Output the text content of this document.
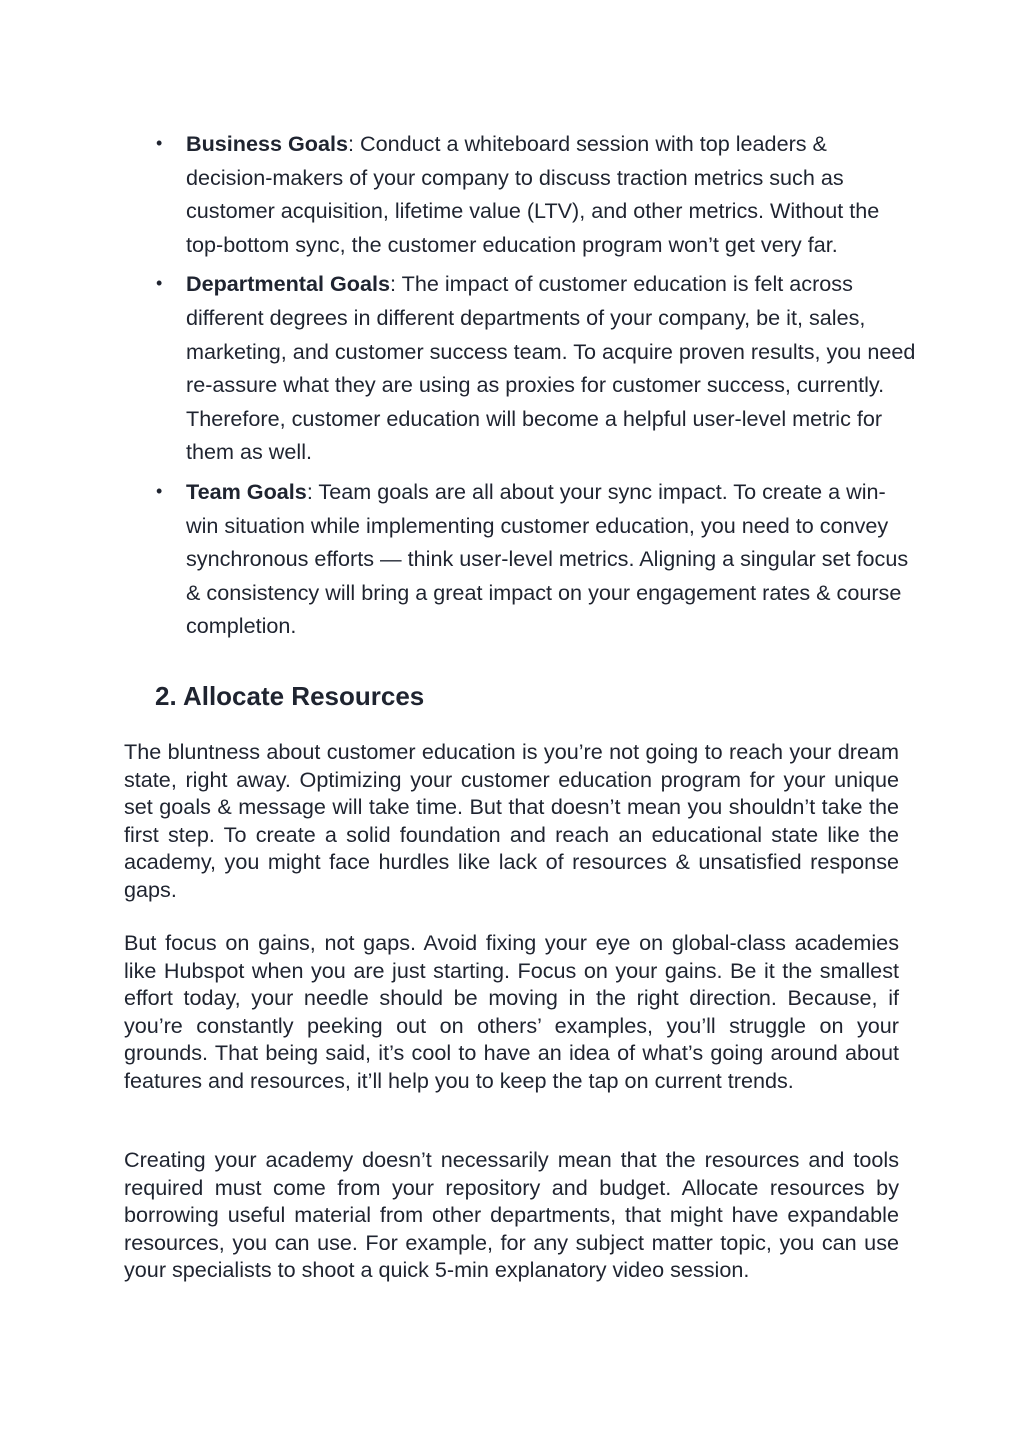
• Business Goals: Conduct a whiteboard session with top leaders & decision-makers of your company to discuss traction metrics such as customer acquisition, lifetime value (LTV), and other metrics. Without the top-bottom sync, the customer education program won’t get very far.
• Departmental Goals: The impact of customer education is felt across different degrees in different departments of your company, be it, sales, marketing, and customer success team. To acquire proven results, you need re-assure what they are using as proxies for customer success, currently. Therefore, customer education will become a helpful user-level metric for them as well.
• Team Goals: Team goals are all about your sync impact. To create a win-win situation while implementing customer education, you need to convey synchronous efforts — think user-level metrics. Aligning a singular set focus & consistency will bring a great impact on your engagement rates & course completion.
2. Allocate Resources

The bluntness about customer education is you’re not going to reach your dream state, right away. Optimizing your customer education program for your unique set goals & message will take time. But that doesn’t mean you shouldn’t take the first step. To create a solid foundation and reach an educational state like the academy, you might face hurdles like lack of resources & unsatisfied response gaps.

But focus on gains, not gaps. Avoid fixing your eye on global-class academies like Hubspot when you are just starting. Focus on your gains. Be it the smallest effort today, your needle should be moving in the right direction. Because, if you’re constantly peeking out on others’ examples, you’ll struggle on your grounds. That being said, it’s cool to have an idea of what’s going around about features and resources, it’ll help you to keep the tap on current trends.

Creating your academy doesn’t necessarily mean that the resources and tools required must come from your repository and budget. Allocate resources by borrowing useful material from other departments, that might have expandable resources, you can use. For example, for any subject matter topic, you can use your specialists to shoot a quick 5-min explanatory video session.
